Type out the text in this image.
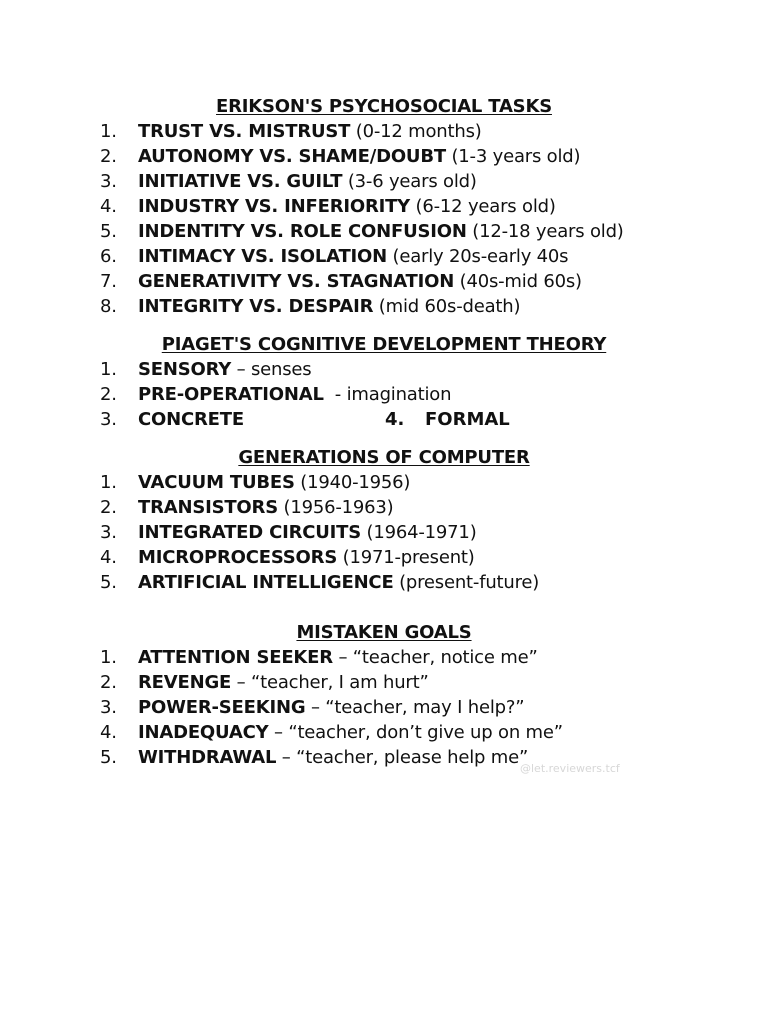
ERIKSON'S PSYCHOSOCIAL TASKS
1. TRUST VS. MISTRUST (0-12 months)
2. AUTONOMY VS. SHAME/DOUBT (1-3 years old)
3. INITIATIVE VS. GUILT (3-6 years old)
4. INDUSTRY VS. INFERIORITY (6-12 years old)
5. INDENTITY VS. ROLE CONFUSION (12-18 years old)
6. INTIMACY VS. ISOLATION (early 20s-early 40s
7. GENERATIVITY VS. STAGNATION (40s-mid 60s)
8. INTEGRITY VS. DESPAIR (mid 60s-death)
PIAGET'S COGNITIVE DEVELOPMENT THEORY
1. SENSORY – senses
2. PRE-OPERATIONAL  - imagination
3. CONCRETE	4. FORMAL
GENERATIONS OF COMPUTER
1. VACUUM TUBES (1940-1956)
2. TRANSISTORS (1956-1963)
3. INTEGRATED CIRCUITS (1964-1971)
4. MICROPROCESSORS (1971-present)
5. ARTIFICIAL INTELLIGENCE (present-future)
MISTAKEN GOALS
1. ATTENTION SEEKER – “teacher, notice me”
2. REVENGE – “teacher, I am hurt”
3. POWER-SEEKING – “teacher, may I help?”
4. INADEQUACY – “teacher, don’t give up on me”
5. WITHDRAWAL – “teacher, please help me”
@let.reviewers.tcf
